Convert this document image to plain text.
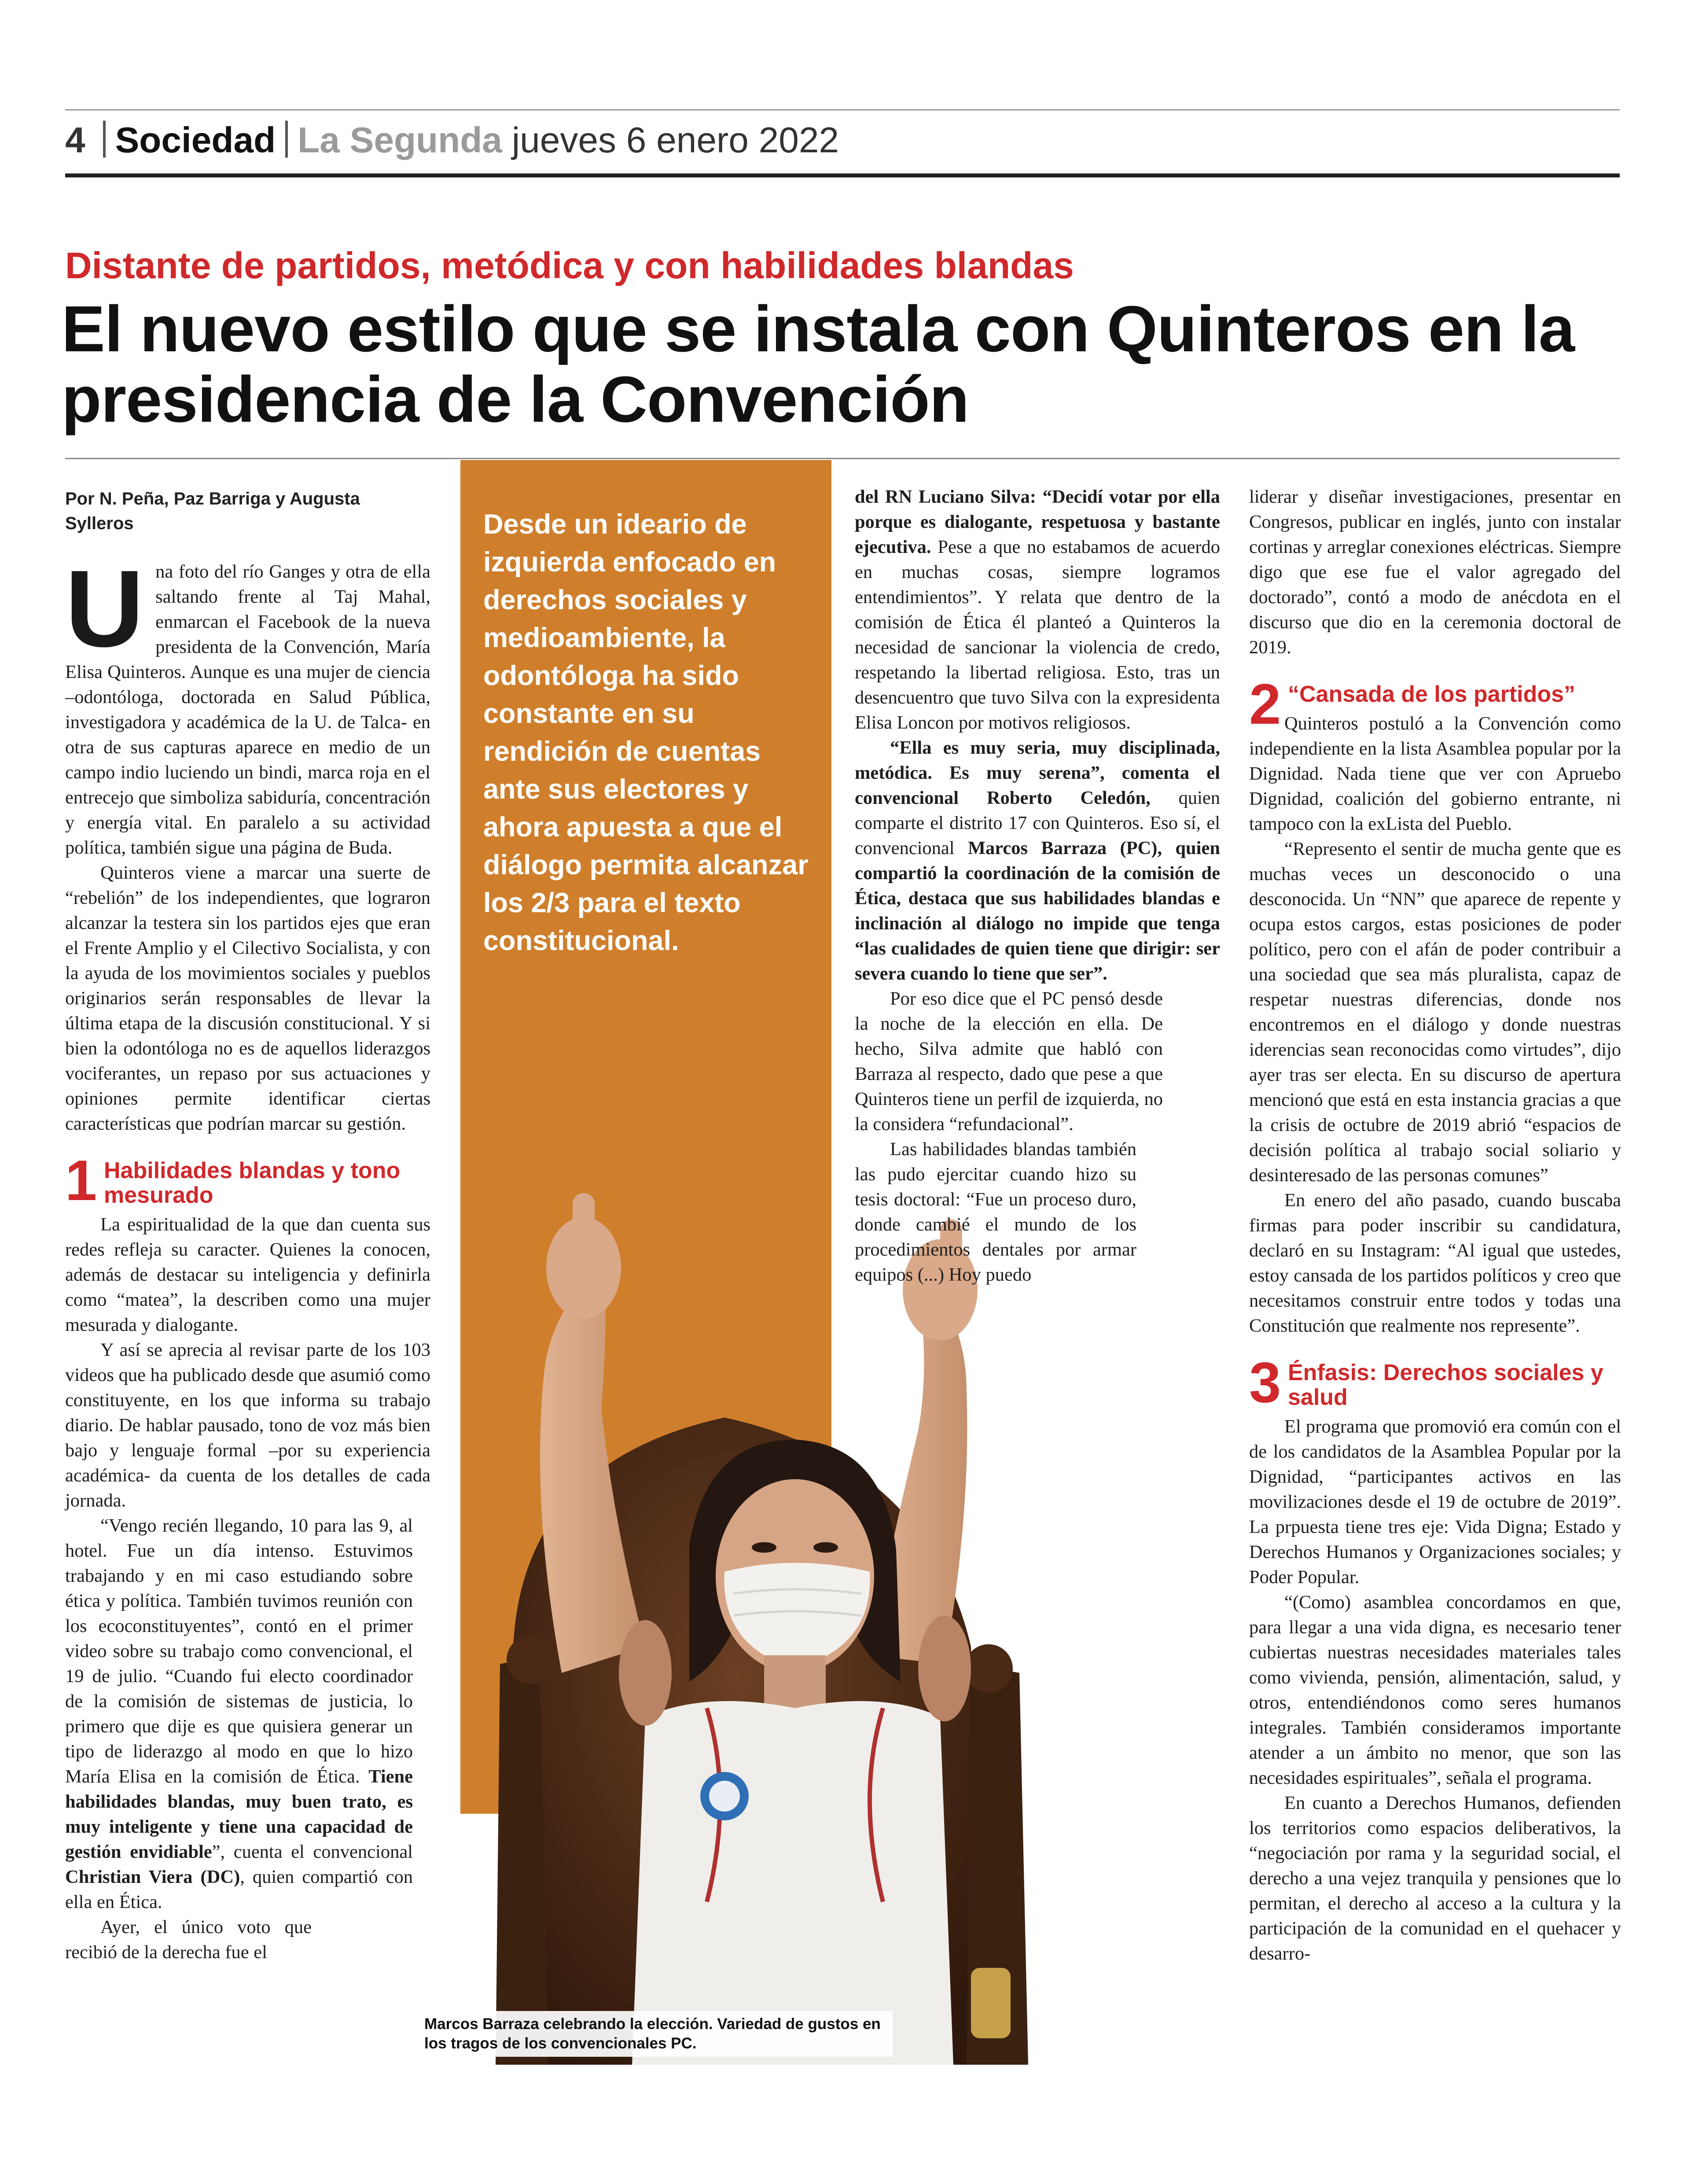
4 Sociedad La Segunda jueves 6 enero 2022
Distante de partidos, metódica y con habilidades blandas
El nuevo estilo que se instala con Quinteros en la presidencia de la Convención
Por N. Peña, Paz Barriga y Augusta Sylleros	Desde un ideario de izquierda enfocado en derechos sociales y medioambiente, la odontóloga ha sido constante en su rendición de cuentas ante sus electores y ahora apuesta a que el diálogo permita alcanzar los 2/3 para el texto constitucional.
Marcos Barraza celebrando la elección. Variedad de gustos en los tragos de los convencionales PC.

Una foto del río Ganges y otra de ella saltando frente al Taj Mahal, enmarcan el Facebook de la nueva presidenta de la Convención, María Elisa Quinteros. Aunque es una mujer de ciencia –odontóloga, doctorada en Salud Pública, investigadora y académica de la U. de Talca- en otra de sus capturas aparece en medio de un campo indio luciendo un bindi, marca roja en el entrecejo que simboliza sabiduría, concentración y energía vital. En paralelo a su actividad política, también sigue una página de Buda.

Quinteros viene a marcar una suerte de “rebelión” de los independientes, que lograron alcanzar la testera sin los partidos ejes que eran el Frente Amplio y el Cilectivo Socialista, y con la ayuda de los movimientos sociales y pueblos originarios serán responsables de llevar la última etapa de la discusión constitucional. Y si bien la odontóloga no es de aquellos liderazgos vociferantes, un repaso por sus actuaciones y opiniones permite identificar ciertas características que podrían marcar su gestión.

1 Habilidades blandas y tono mesurado

La espiritualidad de la que dan cuenta sus redes refleja su caracter. Quienes la conocen, además de destacar su inteligencia y definirla como “matea”, la describen como una mujer mesurada y dialogante.

Y así se aprecia al revisar parte de los 103 videos que ha publicado desde que asumió como constituyente, en los que informa su trabajo diario. De hablar pausado, tono de voz más bien bajo y lenguaje formal –por su experiencia académica- da cuenta de los detalles de cada jornada.

“Vengo recién llegando, 10 para las 9, al hotel. Fue un día intenso. Estuvimos trabajando y en mi caso estudiando sobre ética y política. También tuvimos reunión con los ecoconstituyentes”, contó en el primer video sobre su trabajo como convencional, el 19 de julio. “Cuando fui electo coordinador de la comisión de sistemas de justicia, lo primero que dije es que quisiera generar un tipo de liderazgo al modo en que lo hizo María Elisa en la comisión de Ética. Tiene habilidades blandas, muy buen trato, es muy inteligente y tiene una capacidad de gestión envidiable”, cuenta el convencional Christian Viera (DC), quien compartió con ella en Ética.

Ayer, el único voto que recibió de la derecha fue el

del RN Luciano Silva: “Decidí votar por ella porque es dialogante, respetuosa y bastante ejecutiva. Pese a que no estabamos de acuerdo en muchas cosas, siempre logramos entendimientos”. Y relata que dentro de la comisión de Ética él planteó a Quinteros la necesidad de sancionar la violencia de credo, respetando la libertad religiosa. Esto, tras un desencuentro que tuvo Silva con la expresidenta Elisa Loncon por motivos religiosos.

“Ella es muy seria, muy disciplinada, metódica. Es muy serena”, comenta el convencional Roberto Celedón, quien comparte el distrito 17 con Quinteros. Eso sí, el convencional Marcos Barraza (PC), quien compartió la coordinación de la comisión de Ética, destaca que sus habilidades blandas e inclinación al diálogo no impide que tenga “las cualidades de quien tiene que dirigir: ser severa cuando lo tiene que ser”.

Por eso dice que el PC pensó desde la noche de la elección en ella. De hecho, Silva admite que habló con Barraza al respecto, dado que pese a que Quinteros tiene un perfil de izquierda, no la considera “refundacional”.

Las habilidades blandas también las pudo ejercitar cuando hizo su tesis doctoral: “Fue un proceso duro, donde cambié el mundo de los procedimientos dentales por armar equipos (...) Hoy puedo

liderar y diseñar investigaciones, presentar en Congresos, publicar en inglés, junto con instalar cortinas y arreglar conexiones eléctricas. Siempre digo que ese fue el valor agregado del doctorado”, contó a modo de anécdota en el discurso que dio en la ceremonia doctoral de 2019.

2 “Cansada de los partidos”

Quinteros postuló a la Convención como independiente en la lista Asamblea popular por la Dignidad. Nada tiene que ver con Apruebo Dignidad, coalición del gobierno entrante, ni tampoco con la exLista del Pueblo.

“Represento el sentir de mucha gente que es muchas veces un desconocido o una desconocida. Un “NN” que aparece de repente y ocupa estos cargos, estas posiciones de poder político, pero con el afán de poder contribuir a una sociedad que sea más pluralista, capaz de respetar nuestras diferencias, donde nos encontremos en el diálogo y donde nuestras iderencias sean reconocidas como virtudes”, dijo ayer tras ser electa. En su discurso de apertura mencionó que está en esta instancia gracias a que la crisis de octubre de 2019 abrió “espacios de decisión política al trabajo social soliario y desinteresado de las personas comunes”

En enero del año pasado, cuando buscaba firmas para poder inscribir su candidatura, declaró en su Instagram: “Al igual que ustedes, estoy cansada de los partidos políticos y creo que necesitamos construir entre todos y todas una Constitución que realmente nos represente”.

3 Énfasis: Derechos sociales y salud

El programa que promovió era común con el de los candidatos de la Asamblea Popular por la Dignidad, “participantes activos en las movilizaciones desde el 19 de octubre de 2019”. La prpuesta tiene tres eje: Vida Digna; Estado y Derechos Humanos y Organizaciones sociales; y Poder Popular.

“(Como) asamblea concordamos en que, para llegar a una vida digna, es necesario tener cubiertas nuestras necesidades materiales tales como vivienda, pensión, alimentación, salud, y otros, entendiéndonos como seres humanos integrales. También consideramos importante atender a un ámbito no menor, que son las necesidades espirituales”, señala el programa.

En cuanto a Derechos Humanos, defienden los territorios como espacios deliberativos, la “negociación por rama y la seguridad social, el derecho a una vejez tranquila y pensiones que lo permitan, el derecho al acceso a la cultura y la participación de la comunidad en el quehacer y desarro-
